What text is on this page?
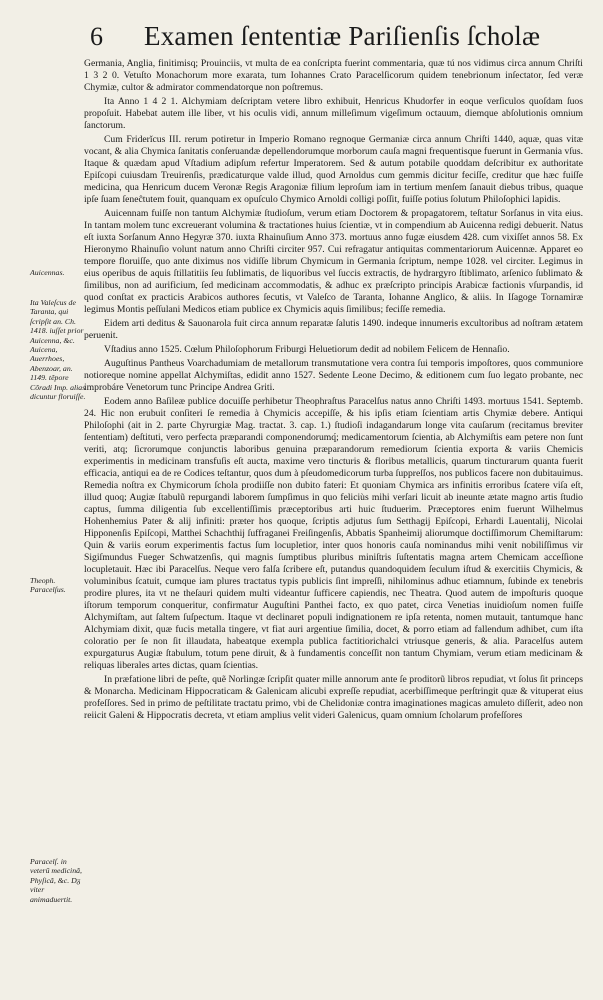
6 Examen ſententiæ Pariſienſis ſcholæ

Germania, Anglia, finitimisq; Prouinciis, vt multa de ea conſcripta fuerint commentaria, quæ tú nos vidimus circa annum Chriſti 1 3 2 0. Vetuſto Monachorum more exarata, tum Iohannes Crato Paracelſicorum quidem tenebrionum inſectator, ſed veræ Chymiæ, cultor & admirator commendatorque non poſtremus.

Ita Anno 1 4 2 1. Alchymiam deſcriptam vetere libro exhibuit, Henricus Khudorfer in eoque verſiculos quoſdam ſuos propoſuit. Habebat autem ille liber, vt his oculis vidi, annum milleſimum vigeſimum octauum, diemque abſolutionis omnium ſanctorum.

Cum Friderĭcus III. rerum potiretur in Imperio Romano regnoque Germaniæ circa annum Chriſti 1440, aquæ, quas vitæ vocant, & alia Chymica ſanitatis conſeruandæ depellendorumque morborum cauſa magni frequentisque fuerunt in Germania vſus. Itaque & quædam apud Vſtadium adipſum refertur Imperatorem. Sed & autum potabile quoddam deſcribitur ex authoritate Epiſcopi cuiusdam Treuirenſis, prædicaturque valde illud, quod Arnoldus cum gemmis dicitur feciſſe, creditur que hæc fuiſſe medicina, qua Henricum ducem Veronæ Regis Aragoniæ filium leproſum iam in tertium menſem ſanauit diebus tribus, quaque ipſe ſuam ſeneĉtutem fouit, quanquam ex opuſculo Chymico Arnoldi colligi poſſit, fuiſſe potius ſolutum Philoſophici lapidis.

Auicennam fuiſſe non tantum Alchymiæ ſtudioſum, verum etiam Doctorem & propagatorem, teſtatur Sorſanus in vita eius. In tantam molem tunc excreuerant volumina & tractationes huius ſcientiæ, vt in compendium ab Auicenna redigi debuerit. Natus eſt iuxta Sorſanum Anno Hegyræ 370. iuxta Rhainuſium Anno 373. mortuus anno fugæ eiusdem 428. cum vixiſſet annos 58. Ex Hieronymo Rhainuſio volunt natum anno Chriſti circiter 957. Cui refragatur antiquitas commentariorum Auicennæ. Apparet eo tempore floruiſſe, quo ante diximus nos vidiſſe librum Chymicum in Germania ſcriptum, nempe 1028. vel circiter. Legimus in eius operibus de aquis ſtillatitiis ſeu ſublimatis, de liquoribus vel ſuccis extractis, de hydrargyro ſtiblimato, arſenico ſublimato & ſimilibus, non ad aurificium, ſed medicinam accommodatis, & adhuc ex præſcripto principis Arabicæ factionis vſurpandis, id quod conſtat ex practicis Arabicos authores ſecutis, vt Valeſco de Taranta, Iohanne Anglico, & aliis. In Iſagoge Tornamiræ legimus Montis peſſulani Medicos etiam publice ex Chymicis aquis ſimilibus; feciſſe remedia.

Eidem arti deditus & Sauonarola fuit circa annum reparatæ ſalutis 1490. indeque innumeris excultoribus ad noſtram ætatem peruenit.

Vſtadius anno 1525. Cœlum Philoſophorum Friburgi Heluetiorum dedit ad nobilem Felicem de Hennaſio.

Auguſtinus Pantheus Voarchadumiam de metallorum transmutatione vera contra ſui temporis impoſtores, quos communiore notioreque nomine appellat Alchymiſtas, edidit anno 1527. Sedente Leone Decimo, & editionem cum ſuo legato probante, nec improbáre Venetorum tunc Principe Andrea Griti.

Eodem anno Baſileæ publice docuiſſe perhibetur Theophraſtus Paracelſus natus anno Chriſti 1493. mortuus 1541. Septemb. 24. Hic non erubuit conſiteri ſe remedia à Chymicis accepiſſe, & his ipſis etiam ſcientiam artis Chymiæ debere. Antiqui Philoſophi (ait in 2. parte Chyrurgiæ Mag. tractat. 3. cap. 1.) ſtudioſi indagandarum longe vita cauſarum (recitamus breviter ſententiam) deſtituti, vero perfecta præparandi componendorumq́; medicamentorum ſcientia, ab Alchymiſtis eam petere non ſunt veriti, atq; ſicrorumque conjunctis laboribus genuina præparandorum remediorum ſcientia exporta & variis Chemicis experimentis in medicinam transfuſis eſt aucta, maxime vero tincturis & floribus metallicis, quarum tincturarum quanta fuerit efficacia, antiqui ea de re Codices teſtantur, quos dum à pſeudomedicorum turba ſuppreſſos, nos publicos facere non dubitauimus. Remedia noſtra ex Chymicorum ſchola prodiiſſe non dubito fateri: Et quoniam Chymica ars infinitis erroribus ſcatere viſa eſt, illud quoq; Augiæ ſtabulũ repurgandi laborem ſumpſimus in quo feliciùs mihi verſari licuit ab ineunte ætate magno artis ſtudio captus, ſumma diligentia ſub excellentiſſimis præceptoribus arti huic ſtuduerim. Præceptores enim fuerunt Wilhelmus Hohenhemius Pater & alij infiniti: præter hos quoque, ſcriptis adjutus ſum Setthagij Epiſcopi, Erhardi Lauentalij, Nicolai Hipponenſis Epiſcopi, Matthei Schachthij ſuffraganei Freiſingenſis, Abbatis Spanheimij aliorumque doctiſſimorum Chemiſtarum: Quin & variis eorum experimentis factus ſum locupletior, inter quos honoris cauſa nominandus mihi venit nobiliſſimus vir Sigiſmundus Fueger Schwatzenſis, qui magnis ſumptibus pluribus miniſtris ſuſtentatis magna artem Chemicam acceſſione locupletauit. Hæc ibi Paracelſus. Neque vero falſa ſcribere eſt, putandus quandoquidem ſeculum iſtud & exercitiis Chymicis, & voluminibus ſcatuit, cumque iam plures tractatus typis publicis ſint impreſſi, nihilominus adhuc etiamnum, ſubinde ex tenebris prodire plures, ita vt ne theſauri quidem multi videantur ſufficere capiendis, nec Theatra. Quod autem de impoſturis quoque iſtorum temporum conqueritur, confirmatur Auguſtini Panthei facto, ex quo patet, circa Venetias inuidioſum nomen fuiſſe Alchymiſtam, aut ſaltem ſuſpectum. Itaque vt declinaret populi indignationem re ipſa retenta, nomen mutauit, tantumque hanc Alchymiam dixit, quæ fucis metalla tingere, vt fiat auri argentiue ſimilia, docet, & porro etiam ad fallendum adhibet, cum iſta coloratio per ſe non ſit illaudata, habeatque exempla publica factitiorichalci vtriusque generis, & alia. Paracelſus autem expurgaturus Augiæ ſtabulum, totum pene diruit, & à fundamentis conceſſit non tantum Chymiam, verum etiam medicinam & reliquas liberales artes dictas, quam ſcientias.

In præfatione libri de peſte, quẽ Norlingæ ſcripſit quater mille annorum ante ſe proditorũ libros repudiat, vt ſolus ſit princeps & Monarcha. Medicinam Hippocraticam & Galenicam alicubi expreſſe repudiat, acerbiſſimeque perſtringit quæ & vituperat eius profeſſores. Sed in primo de peſtilitate tractatu primo, vbi de Chelidoniæ contra imaginationes magicas amuleto diſſerit, adeo non reiicit Galeni & Hippocratis decreta, vt etiam amplius velit videri Galenicus, quam omnium ſcholarum profeſſores

Auicennas.
Ita Valeſcus de Taranta, qui ſcripſit an. Ch. 1418. iuſſet prior Auicenna, &c. Auicena, Auerrhoes, Abenzoar, an. 1149. tẽpore Cõradi Imp. alias dicuntur floruiſſe.
Theoph. Paracelſus.
Paracelſ. in veterũ medicinã, Phyſicã, &c. Dᵹ viter animaduertit.
